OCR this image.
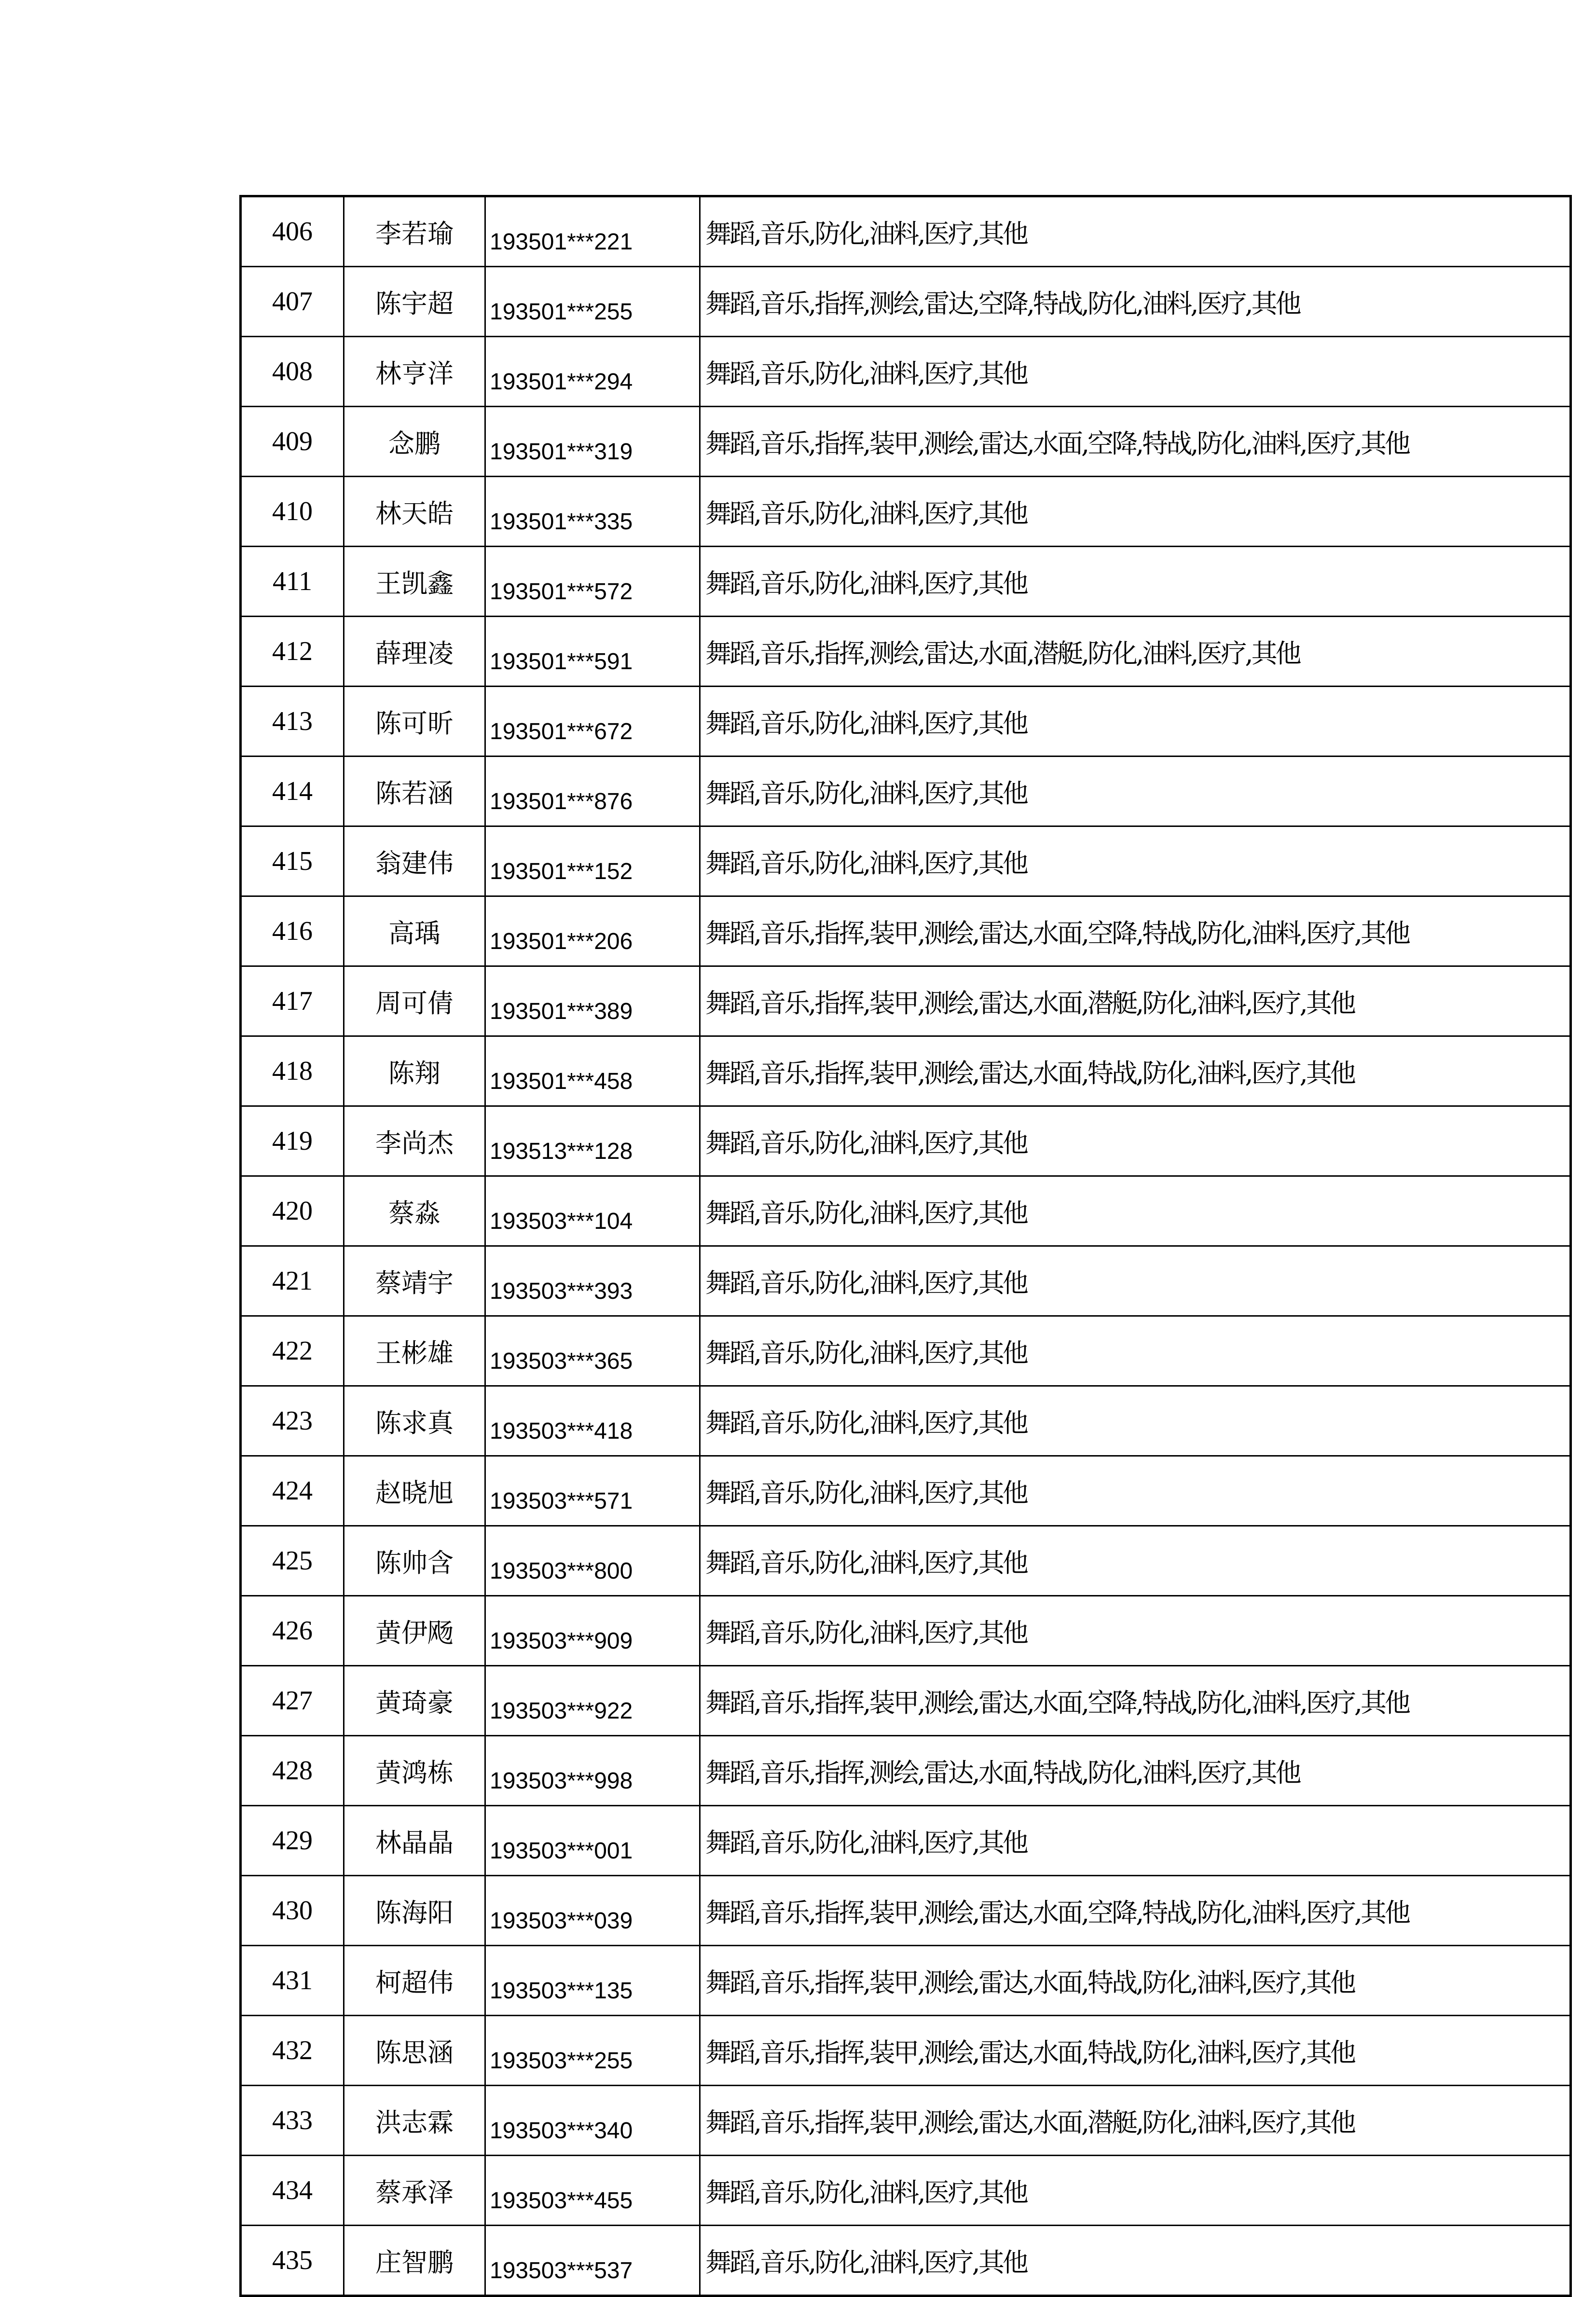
406	李若瑜	193501***221	舞蹈,音乐,防化,油料,医疗,其他
407	陈宇超	193501***255	舞蹈,音乐,指挥,测绘,雷达,空降,特战,防化,油料,医疗,其他
408	林亨洋	193501***294	舞蹈,音乐,防化,油料,医疗,其他
409	念鹏	193501***319	舞蹈,音乐,指挥,装甲,测绘,雷达,水面,空降,特战,防化,油料,医疗,其他
410	林天皓	193501***335	舞蹈,音乐,防化,油料,医疗,其他
411	王凯鑫	193501***572	舞蹈,音乐,防化,油料,医疗,其他
412	薛理凌	193501***591	舞蹈,音乐,指挥,测绘,雷达,水面,潜艇,防化,油料,医疗,其他
413	陈可昕	193501***672	舞蹈,音乐,防化,油料,医疗,其他
414	陈若涵	193501***876	舞蹈,音乐,防化,油料,医疗,其他
415	翁建伟	193501***152	舞蹈,音乐,防化,油料,医疗,其他
416	高瑀	193501***206	舞蹈,音乐,指挥,装甲,测绘,雷达,水面,空降,特战,防化,油料,医疗,其他
417	周可倩	193501***389	舞蹈,音乐,指挥,装甲,测绘,雷达,水面,潜艇,防化,油料,医疗,其他
418	陈翔	193501***458	舞蹈,音乐,指挥,装甲,测绘,雷达,水面,特战,防化,油料,医疗,其他
419	李尚杰	193513***128	舞蹈,音乐,防化,油料,医疗,其他
420	蔡淼	193503***104	舞蹈,音乐,防化,油料,医疗,其他
421	蔡靖宇	193503***393	舞蹈,音乐,防化,油料,医疗,其他
422	王彬雄	193503***365	舞蹈,音乐,防化,油料,医疗,其他
423	陈求真	193503***418	舞蹈,音乐,防化,油料,医疗,其他
424	赵晓旭	193503***571	舞蹈,音乐,防化,油料,医疗,其他
425	陈帅含	193503***800	舞蹈,音乐,防化,油料,医疗,其他
426	黄伊飏	193503***909	舞蹈,音乐,防化,油料,医疗,其他
427	黄琦豪	193503***922	舞蹈,音乐,指挥,装甲,测绘,雷达,水面,空降,特战,防化,油料,医疗,其他
428	黄鸿栋	193503***998	舞蹈,音乐,指挥,测绘,雷达,水面,特战,防化,油料,医疗,其他
429	林晶晶	193503***001	舞蹈,音乐,防化,油料,医疗,其他
430	陈海阳	193503***039	舞蹈,音乐,指挥,装甲,测绘,雷达,水面,空降,特战,防化,油料,医疗,其他
431	柯超伟	193503***135	舞蹈,音乐,指挥,装甲,测绘,雷达,水面,特战,防化,油料,医疗,其他
432	陈思涵	193503***255	舞蹈,音乐,指挥,装甲,测绘,雷达,水面,特战,防化,油料,医疗,其他
433	洪志霖	193503***340	舞蹈,音乐,指挥,装甲,测绘,雷达,水面,潜艇,防化,油料,医疗,其他
434	蔡承泽	193503***455	舞蹈,音乐,防化,油料,医疗,其他
435	庄智鹏	193503***537	舞蹈,音乐,防化,油料,医疗,其他
